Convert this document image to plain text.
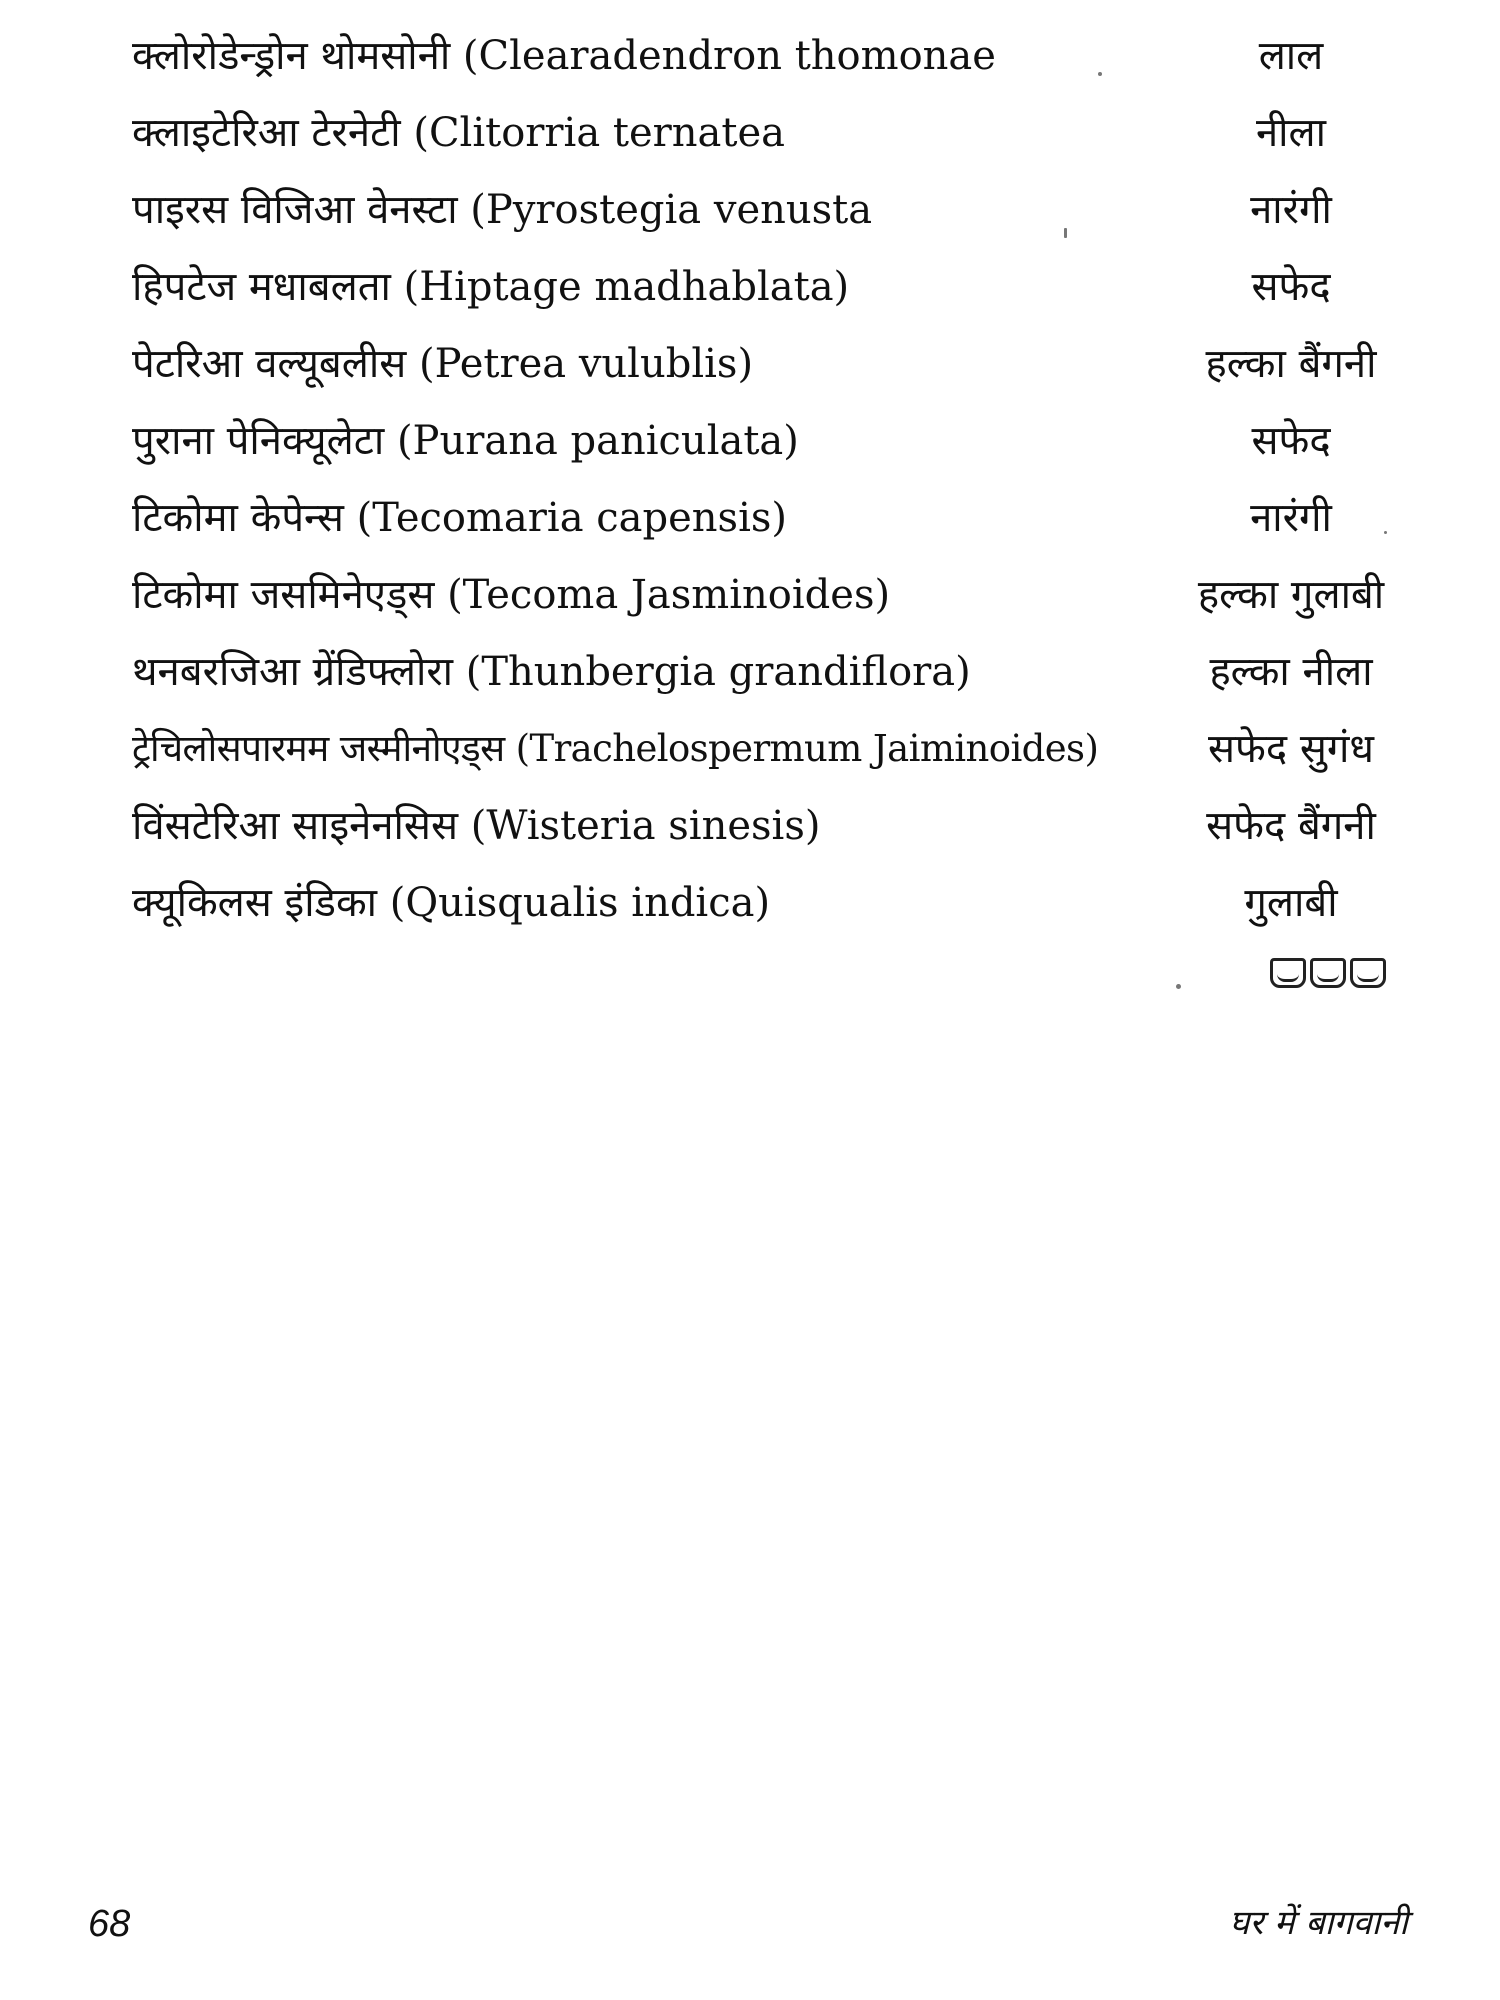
क्लोरोडेन्ड्रोन थोमसोनी (Clearadendron thomonae	लाल
क्लाइटेरिआ टेरनेटी (Clitorria ternatea	नीला
पाइरस विजिआ वेनस्टा (Pyrostegia venusta	नारंगी
हिपटेज मधाबलता (Hiptage madhablata)	सफेद
पेटरिआ वल्यूबलीस (Petrea vulublis)	हल्का बैंगनी
पुराना पेनिक्यूलेटा (Purana paniculata)	सफेद
टिकोमा केपेन्स (Tecomaria capensis)	नारंगी
टिकोमा जसमिनेएड्स (Tecoma Jasminoides)	हल्का गुलाबी
थनबरजिआ ग्रेंडिफ्लोरा (Thunbergia grandiflora)	हल्का नीला
ट्रेचिलोसपारमम जस्मीनोएड्स (Trachelospermum Jaiminoides)	सफेद सुगंध
विंसटेरिआ साइनेनसिस (Wisteria sinesis)	सफेद बैंगनी
क्यूकिलस इंडिका (Quisqualis indica)	गुलाबी
68	घर में बागवानी
